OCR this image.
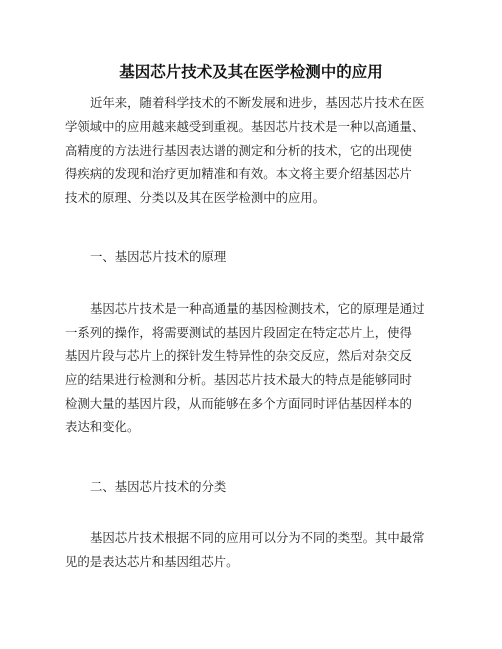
基因芯片技术及其在医学检测中的应用
近年来，随着科学技术的不断发展和进步，基因芯片技术在医
学领域中的应用越来越受到重视。基因芯片技术是一种以高通量、
高精度的方法进行基因表达谱的测定和分析的技术，它的出现使
得疾病的发现和治疗更加精准和有效。本文将主要介绍基因芯片
技术的原理、分类以及其在医学检测中的应用。
一、基因芯片技术的原理
基因芯片技术是一种高通量的基因检测技术，它的原理是通过
一系列的操作，将需要测试的基因片段固定在特定芯片上，使得
基因片段与芯片上的探针发生特异性的杂交反应，然后对杂交反
应的结果进行检测和分析。基因芯片技术最大的特点是能够同时
检测大量的基因片段，从而能够在多个方面同时评估基因样本的
表达和变化。
二、基因芯片技术的分类
基因芯片技术根据不同的应用可以分为不同的类型。其中最常
见的是表达芯片和基因组芯片。
